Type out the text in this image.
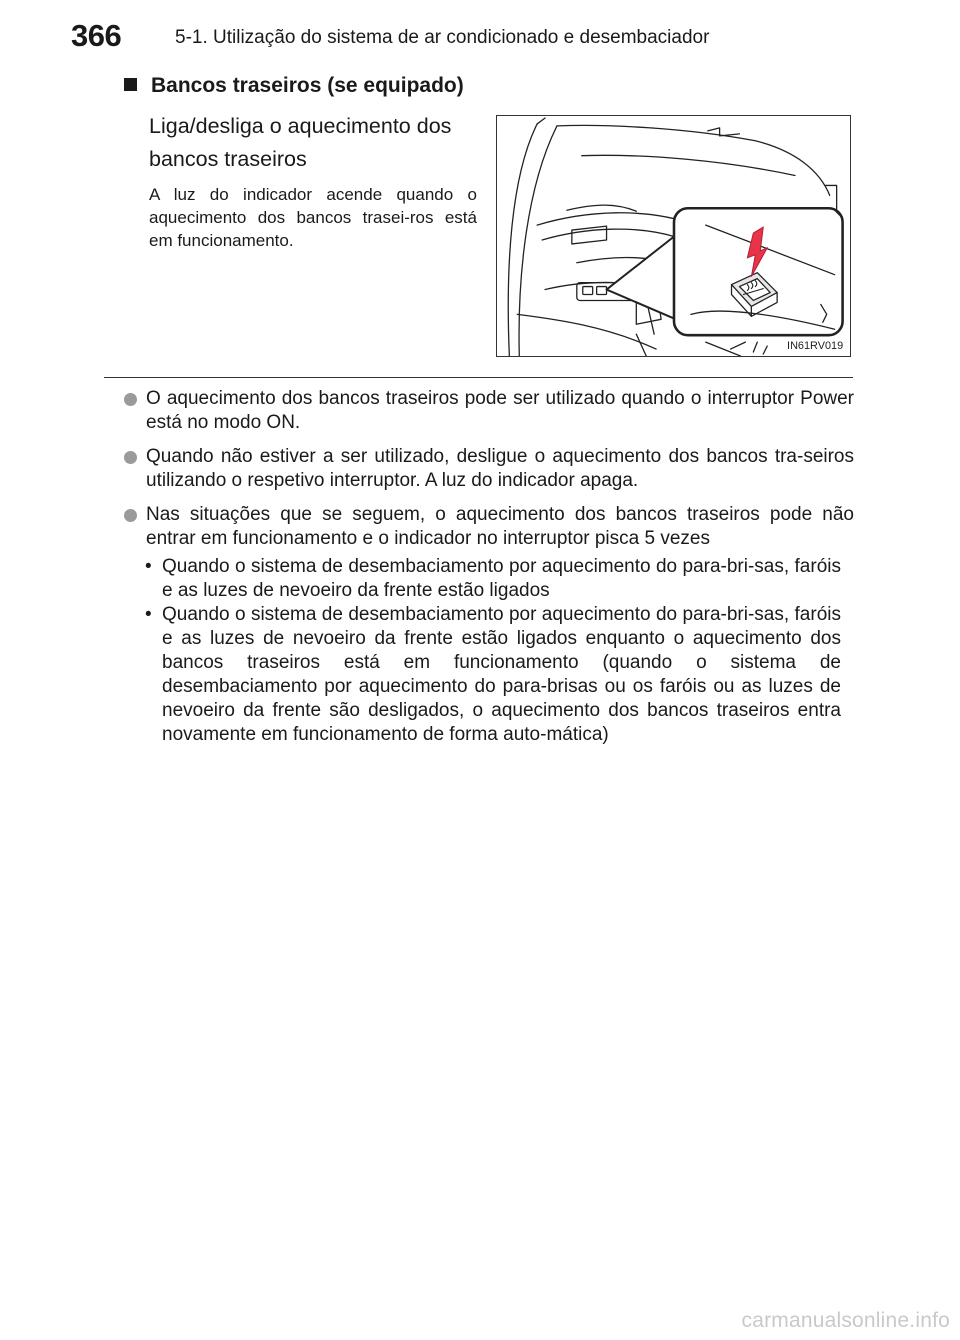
366	5-1. Utilização do sistema de ar condicionado e desembaciador
Bancos traseiros (se equipado)
Liga/desliga o aquecimento dos bancos traseiros
A luz do indicador acende quando o aquecimento dos bancos trasei-ros está em funcionamento.
IN61RV019
O aquecimento dos bancos traseiros pode ser utilizado quando o interruptor Power está no modo ON.
Quando não estiver a ser utilizado, desligue o aquecimento dos bancos tra-seiros utilizando o respetivo interruptor. A luz do indicador apaga.
Nas situações que se seguem, o aquecimento dos bancos traseiros pode não entrar em funcionamento e o indicador no interruptor pisca 5 vezes
• Quando o sistema de desembaciamento por aquecimento do para-bri-sas, faróis e as luzes de nevoeiro da frente estão ligados
• Quando o sistema de desembaciamento por aquecimento do para-bri-sas, faróis e as luzes de nevoeiro da frente estão ligados enquanto o aquecimento dos bancos traseiros está em funcionamento (quando o sistema de desembaciamento por aquecimento do para-brisas ou os faróis ou as luzes de nevoeiro da frente são desligados, o aquecimento dos bancos traseiros entra novamente em funcionamento de forma auto-mática)
carmanualsonline.info
